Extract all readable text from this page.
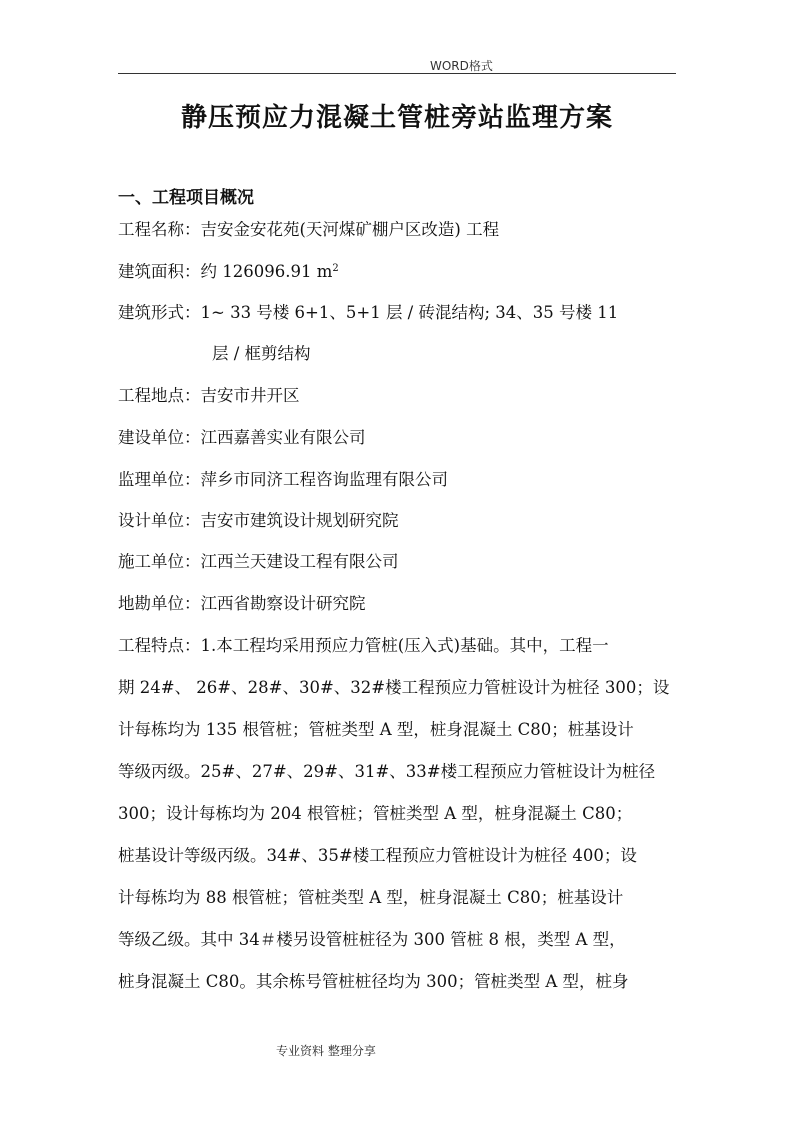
WORD格式
静压预应力混凝土管桩旁站监理方案
一、工程项目概况
工程名称：吉安金安花苑(天河煤矿棚户区改造) 工程
建筑面积：约 126096.91 $m^2$
建筑形式：1~ 33 号楼 6+1、5+1 层 / 砖混结构; 34、35 号楼 11
层 / 框剪结构
工程地点：吉安市井开区
建设单位：江西嘉善实业有限公司
监理单位：萍乡市同济工程咨询监理有限公司
设计单位：吉安市建筑设计规划研究院
施工单位：江西兰天建设工程有限公司
地勘单位：江西省勘察设计研究院
工程特点：1.本工程均采用预应力管桩(压入式)基础。其中，工程一
期 24#、 26#、28#、30#、32#楼工程预应力管桩设计为桩径 300；设
计每栋均为 135 根管桩；管桩类型 A 型，桩身混凝土 C80；桩基设计
等级丙级。25#、27#、29#、31#、33#楼工程预应力管桩设计为桩径
300；设计每栋均为 204 根管桩；管桩类型 A 型，桩身混凝土 C80；
桩基设计等级丙级。34#、35#楼工程预应力管桩设计为桩径 400；设
计每栋均为 88 根管桩；管桩类型 A 型，桩身混凝土 C80；桩基设计
等级乙级。其中 34＃楼另设管桩桩径为 300 管桩 8 根，类型 A 型，
桩身混凝土 C80。其余栋号管桩桩径均为 300；管桩类型 A 型，桩身
专业资料 整理分享
